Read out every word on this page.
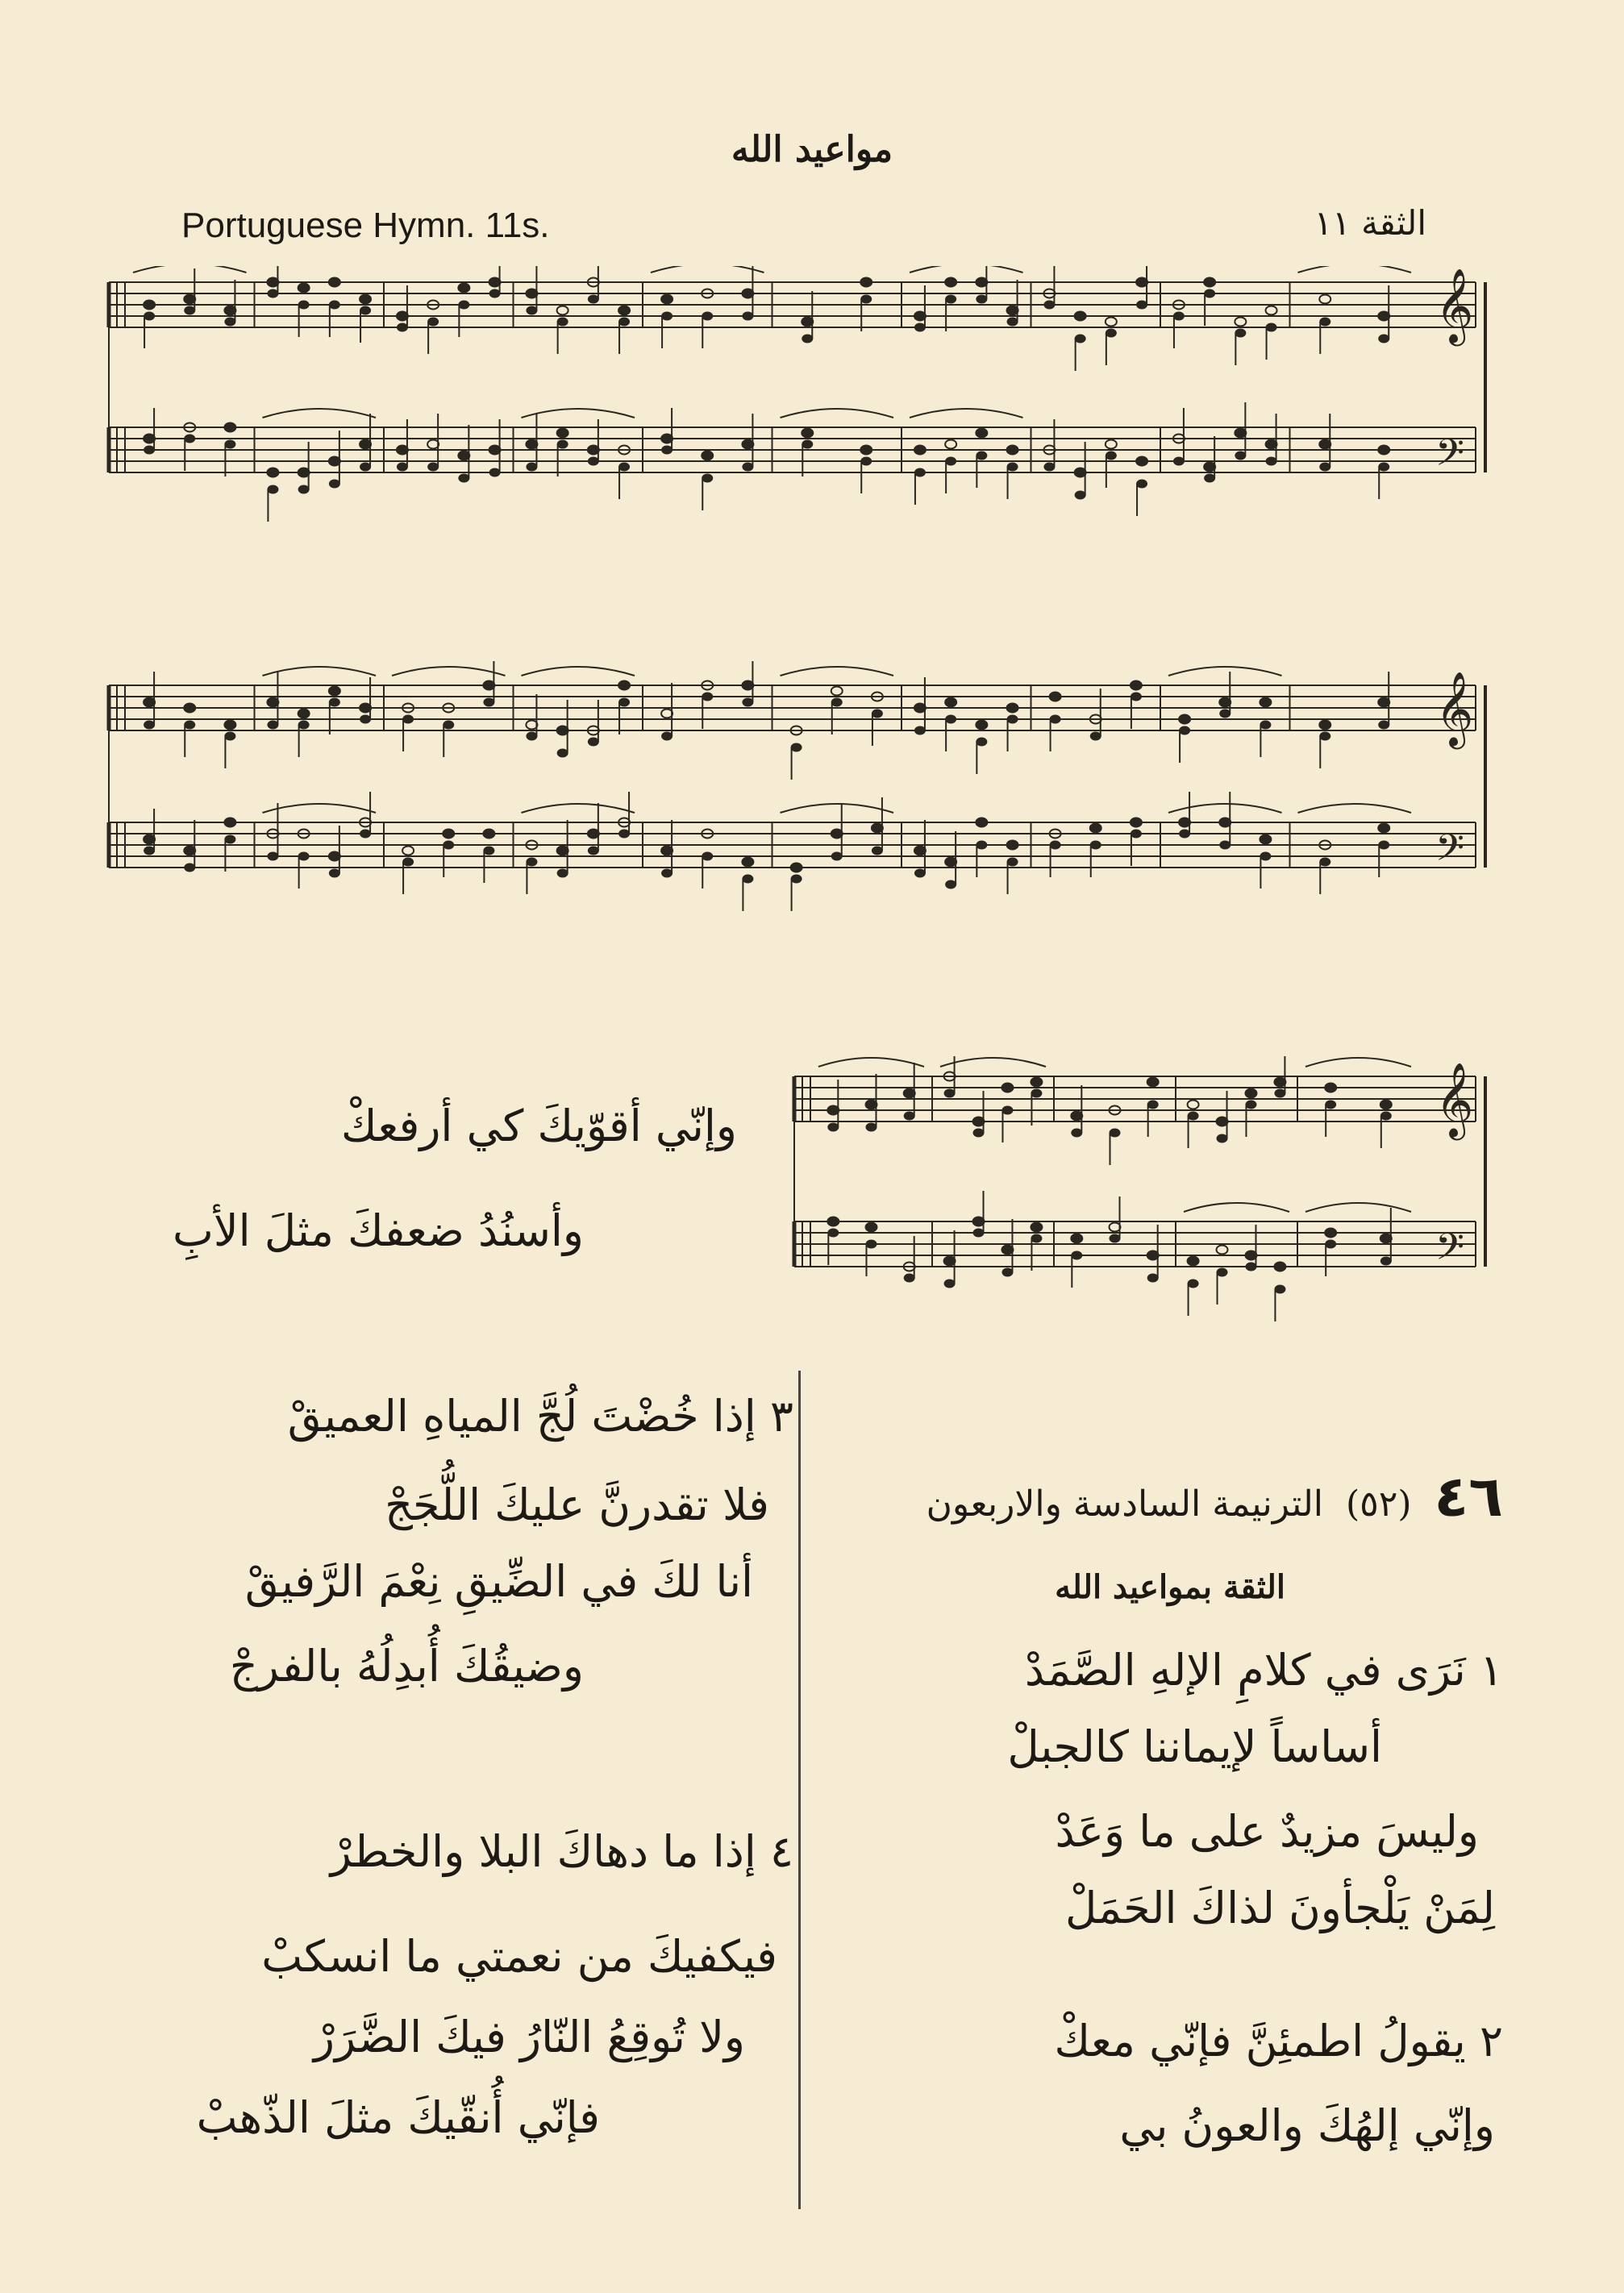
مواعيد الله
Portuguese Hymn. 11s.	الثقة ١١
𝄞
𝄢
𝄞
𝄢
𝄞
𝄢
وإنّي أقوّيكَ كي أرفعكْ
وأسنُدُ ضعفكَ مثلَ الأبِ
٣ إذا خُضْتَ لُجَّ المياهِ العميقْ
فلا تقدرنَّ عليكَ اللُّجَجْ
أنا لكَ في الضِّيقِ نِعْمَ الرَّفيقْ
وضيقُكَ أُبدِلُهُ بالفرجْ
٤ إذا ما دهاكَ البلا والخطرْ
فيكفيكَ من نعمتي ما انسكبْ
ولا تُوقِعُ النّارُ فيكَ الضَّرَرْ
فإنّي أُنقّيكَ مثلَ الذّهبْ
٤٦  (٥٢)  الترنيمة السادسة والاربعون
الثقة بمواعيد الله
١ نَرَى في كلامِ الإلهِ الصَّمَدْ
أساساً لإيماننا كالجبلْ
وليسَ مزيدٌ على ما وَعَدْ
لِمَنْ يَلْجأونَ لذاكَ الحَمَلْ
٢ يقولُ اطمئِنَّ فإنّي معكْ
وإنّي إلهُكَ والعونُ بي
